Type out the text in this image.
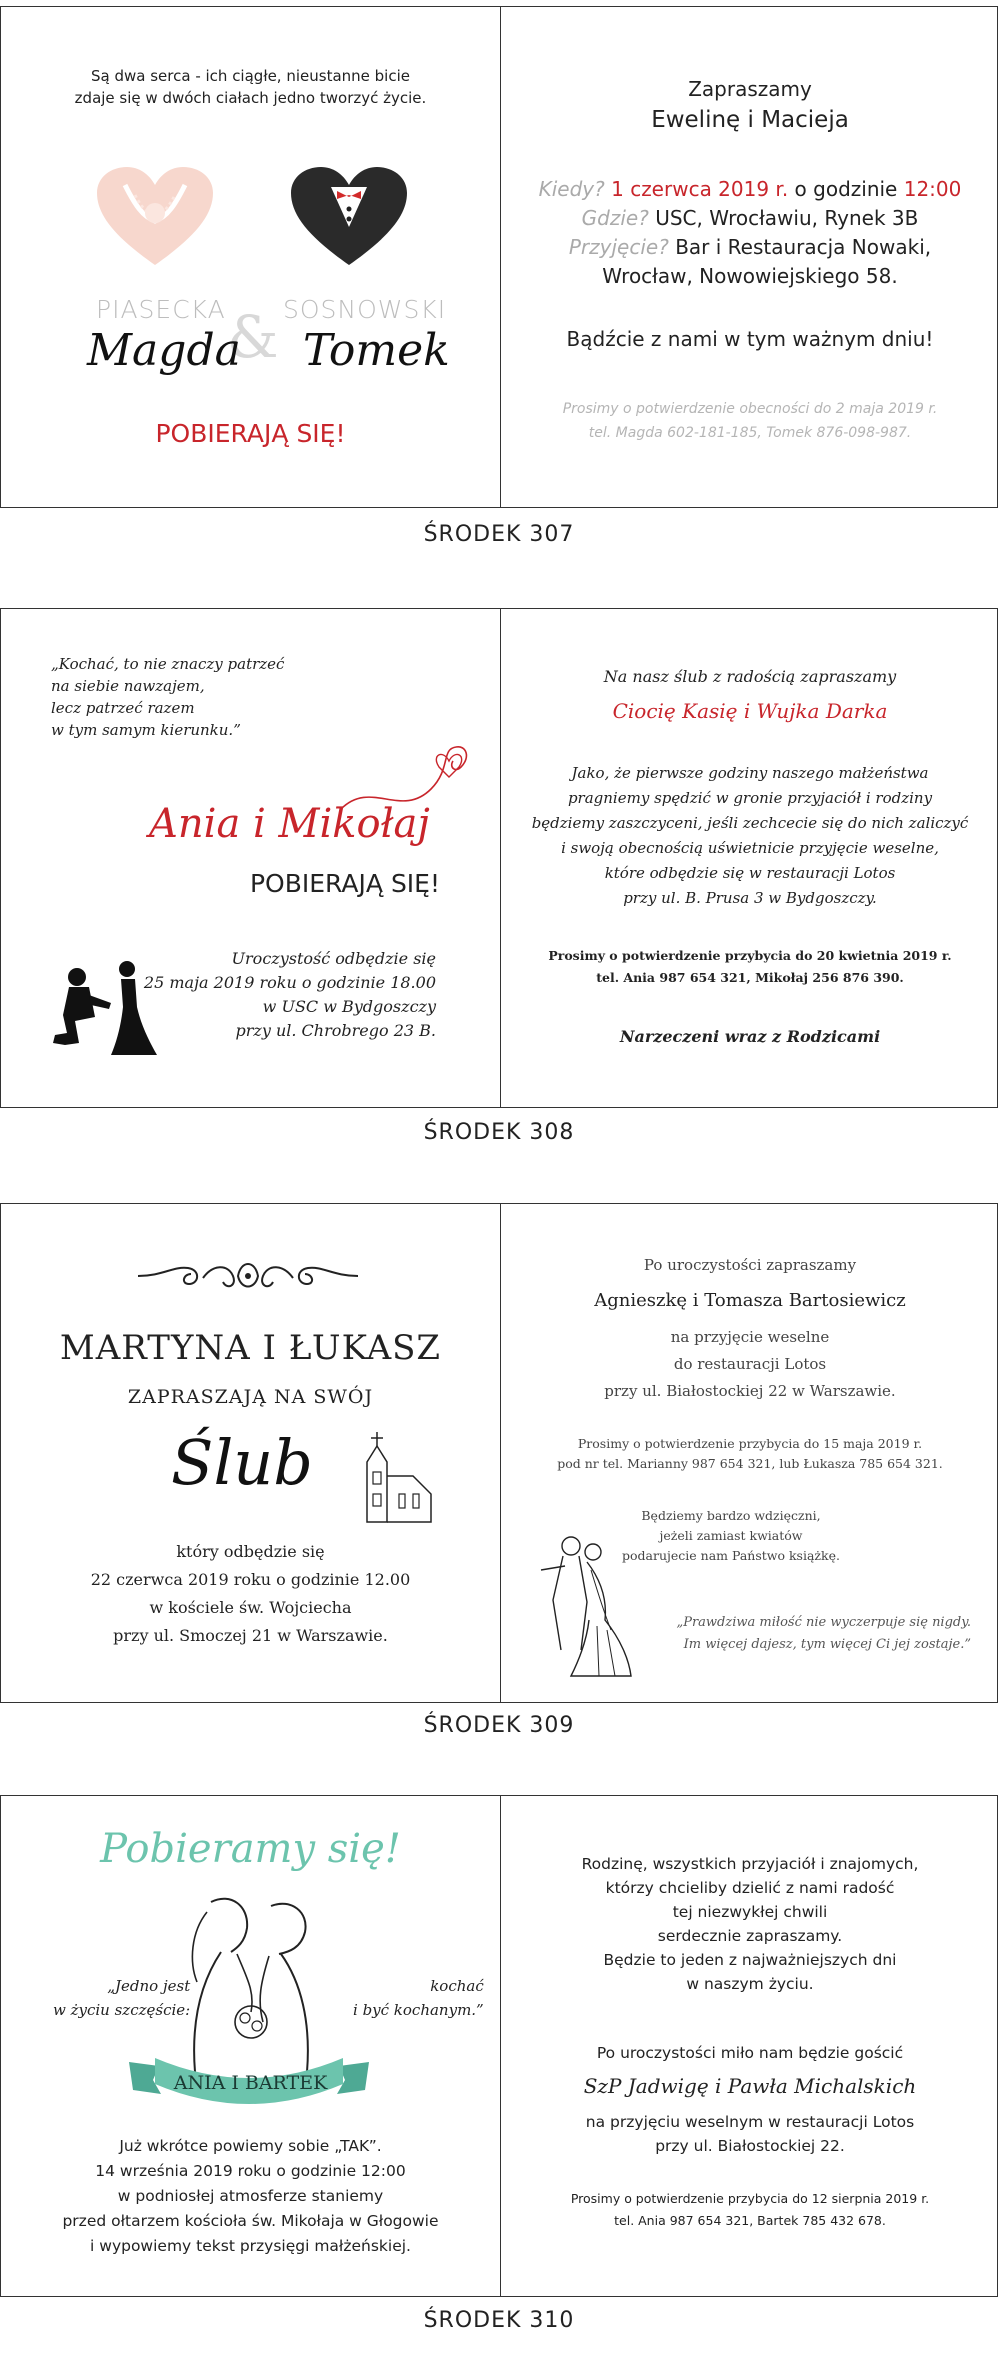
Są dwa serca - ich ciągłe, nieustanne bicie
zdaje się w dwóch ciałach jedno tworzyć życie.
PIASECKA SOSNOWSKI
&
Magda Tomek
POBIERAJĄ SIĘ!
Zapraszamy
Ewelinę i Macieja
Kiedy? 1 czerwca 2019 r. o godzinie 12:00
Gdzie? USC, Wrocławiu, Rynek 3B
Przyjęcie? Bar i Restauracja Nowaki,
Wrocław, Nowowiejskiego 58.
Bądźcie z nami w tym ważnym dniu!
Prosimy o potwierdzenie obecności do 2 maja 2019 r.
tel. Magda 602-181-185, Tomek 876-098-987.
ŚRODEK 307
„Kochać, to nie znaczy patrzeć
na siebie nawzajem,
lecz patrzeć razem
w tym samym kierunku.”
Ania i Mikołaj
POBIERAJĄ SIĘ!
Uroczystość odbędzie się
25 maja 2019 roku o godzinie 18.00
w USC w Bydgoszczy
przy ul. Chrobrego 23 B.
Na nasz ślub z radością zapraszamy
Ciocię Kasię i Wujka Darka
Jako, że pierwsze godziny naszego małżeństwa
pragniemy spędzić w gronie przyjaciół i rodziny
będziemy zaszczyceni, jeśli zechcecie się do nich zaliczyć
i swoją obecnością uświetnicie przyjęcie weselne,
które odbędzie się w restauracji Lotos
przy ul. B. Prusa 3 w Bydgoszczy.
Prosimy o potwierdzenie przybycia do 20 kwietnia 2019 r.
tel. Ania 987 654 321, Mikołaj 256 876 390.
Narzeczeni wraz z Rodzicami
ŚRODEK 308
MARTYNA I ŁUKASZ
ZAPRASZAJĄ NA SWÓJ
Ślub
który odbędzie się
22 czerwca 2019 roku o godzinie 12.00
w kościele św. Wojciecha
przy ul. Smoczej 21 w Warszawie.
Po uroczystości zapraszamy
Agnieszkę i Tomasza Bartosiewicz
na przyjęcie weselne
do restauracji Lotos
przy ul. Białostockiej 22 w Warszawie.
Prosimy o potwierdzenie przybycia do 15 maja 2019 r.
pod nr tel. Marianny 987 654 321, lub Łukasza 785 654 321.
Będziemy bardzo wdzięczni,
jeżeli zamiast kwiatów
podarujecie nam Państwo książkę.
„Prawdziwa miłość nie wyczerpuje się nigdy.
Im więcej dajesz, tym więcej Ci jej zostaje.”
ŚRODEK 309
Pobieramy się!
„Jedno jest
w życiu szczęście:
kochać
i być kochanym.”
ANIA I BARTEK
Już wkrótce powiemy sobie „TAK”.
14 września 2019 roku o godzinie 12:00
w podniosłej atmosferze staniemy
przed ołtarzem kościoła św. Mikołaja w Głogowie
i wypowiemy tekst przysięgi małżeńskiej.
Rodzinę, wszystkich przyjaciół i znajomych,
którzy chcieliby dzielić z nami radość
tej niezwykłej chwili
serdecznie zapraszamy.
Będzie to jeden z najważniejszych dni
w naszym życiu.
Po uroczystości miło nam będzie gościć
SzP Jadwigę i Pawła Michalskich
na przyjęciu weselnym w restauracji Lotos
przy ul. Białostockiej 22.
Prosimy o potwierdzenie przybycia do 12 sierpnia 2019 r.
tel. Ania 987 654 321, Bartek 785 432 678.
ŚRODEK 310
